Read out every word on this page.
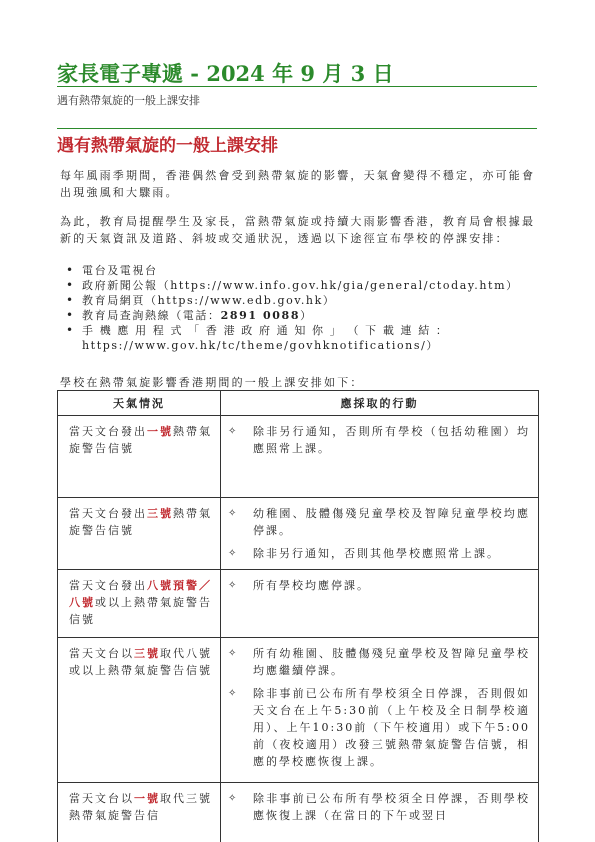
家長電子專遞 - 2024 年 9 月 3 日
遇有熱帶氣旋的一般上課安排
遇有熱帶氣旋的一般上課安排

每年風雨季期間，香港偶然會受到熱帶氣旋的影響，天氣會變得不穩定，亦可能會出現強風和大驟雨。

為此，教育局提醒學生及家長，當熱帶氣旋或持續大雨影響香港，教育局會根據最新的天氣資訊及道路、斜坡或交通狀況，透過以下途徑宣布學校的停課安排：

• 電台及電視台
• 政府新聞公報（https://www.info.gov.hk/gia/general/ctoday.htm）
• 教育局網頁（https://www.edb.gov.hk）
• 教育局查詢熱線（電話：2891 0088）
• 手 機 應 用 程 式 「 香 港 政 府 通 知 你 」 （ 下 載 連 結 ：
https://www.gov.hk/tc/theme/govhknotifications/）
學校在熱帶氣旋影響香港期間的一般上課安排如下：
天氣情況	應採取的行動
當天文台發出一號熱帶氣旋警告信號	✧ 除非另行通知，否則所有學校（包括幼稚園）均應照常上課。

當天文台發出三號熱帶氣旋警告信號	✧ 幼稚園、肢體傷殘兒童學校及智障兒童學校均應停課。
✧ 除非另行通知，否則其他學校應照常上課。

當天文台發出八號預警／八號或以上熱帶氣旋警告信號	✧ 所有學校均應停課。

當天文台以三號取代八號或以上熱帶氣旋警告信號	✧ 所有幼稚園、肢體傷殘兒童學校及智障兒童學校均應繼續停課。
✧ 除非事前已公布所有學校須全日停課，否則假如天文台在上午5:30前（上午校及全日制學校適用）、上午10:30前（下午校適用）或下午5:00前（夜校適用）改發三號熱帶氣旋警告信號，相應的學校應恢復上課。

當天文台以一號取代三號熱帶氣旋警告信	✧ 除非事前已公布所有學校須全日停課，否則學校應恢復上課（在當日的下午或翌日
